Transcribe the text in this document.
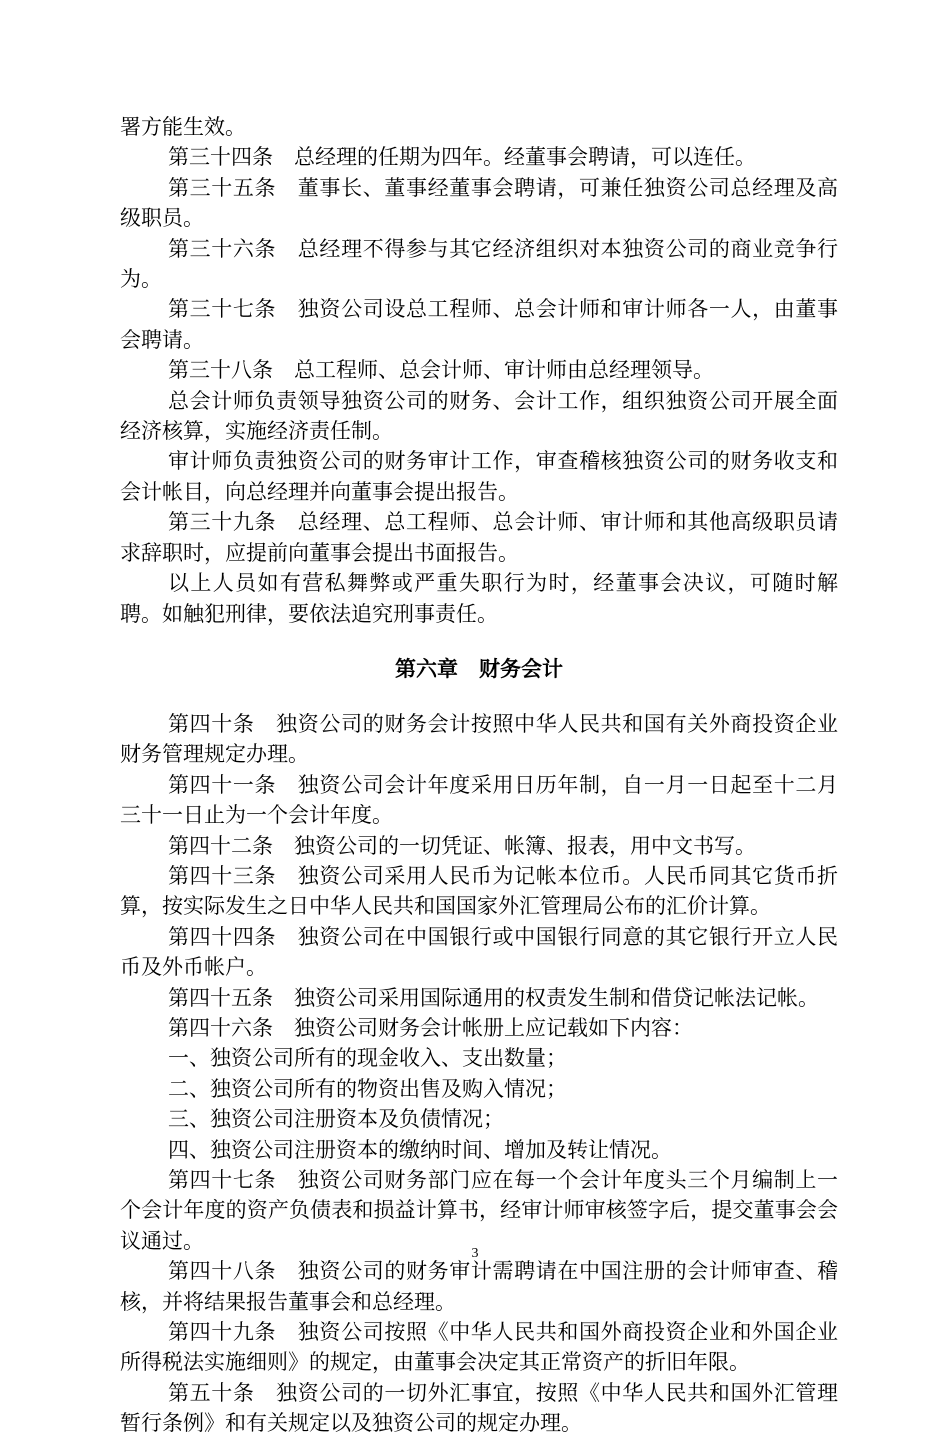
署方能生效。

第三十四条　总经理的任期为四年。经董事会聘请，可以连任。

第三十五条　董事长、董事经董事会聘请，可兼任独资公司总经理及高级职员。

第三十六条　总经理不得参与其它经济组织对本独资公司的商业竞争行为。

第三十七条　独资公司设总工程师、总会计师和审计师各一人，由董事会聘请。

第三十八条　总工程师、总会计师、审计师由总经理领导。

总会计师负责领导独资公司的财务、会计工作，组织独资公司开展全面经济核算，实施经济责任制。

审计师负责独资公司的财务审计工作，审查稽核独资公司的财务收支和会计帐目，向总经理并向董事会提出报告。

第三十九条　总经理、总工程师、总会计师、审计师和其他高级职员请求辞职时，应提前向董事会提出书面报告。

以上人员如有营私舞弊或严重失职行为时，经董事会决议，可随时解聘。如触犯刑律，要依法追究刑事责任。

第六章　财务会计

第四十条　独资公司的财务会计按照中华人民共和国有关外商投资企业财务管理规定办理。

第四十一条　独资公司会计年度采用日历年制，自一月一日起至十二月三十一日止为一个会计年度。

第四十二条　独资公司的一切凭证、帐簿、报表，用中文书写。

第四十三条　独资公司采用人民币为记帐本位币。人民币同其它货币折算，按实际发生之日中华人民共和国国家外汇管理局公布的汇价计算。

第四十四条　独资公司在中国银行或中国银行同意的其它银行开立人民币及外币帐户。

第四十五条　独资公司采用国际通用的权责发生制和借贷记帐法记帐。

第四十六条　独资公司财务会计帐册上应记载如下内容：

一、独资公司所有的现金收入、支出数量；

二、独资公司所有的物资出售及购入情况；

三、独资公司注册资本及负债情况；

四、独资公司注册资本的缴纳时间、增加及转让情况。

第四十七条　独资公司财务部门应在每一个会计年度头三个月编制上一个会计年度的资产负债表和损益计算书，经审计师审核签字后，提交董事会会议通过。

第四十八条　独资公司的财务审计需聘请在中国注册的会计师审查、稽核，并将结果报告董事会和总经理。

第四十九条　独资公司按照《中华人民共和国外商投资企业和外国企业所得税法实施细则》的规定，由董事会决定其正常资产的折旧年限。

第五十条　独资公司的一切外汇事宜，按照《中华人民共和国外汇管理暂行条例》和有关规定以及独资公司的规定办理。

3
